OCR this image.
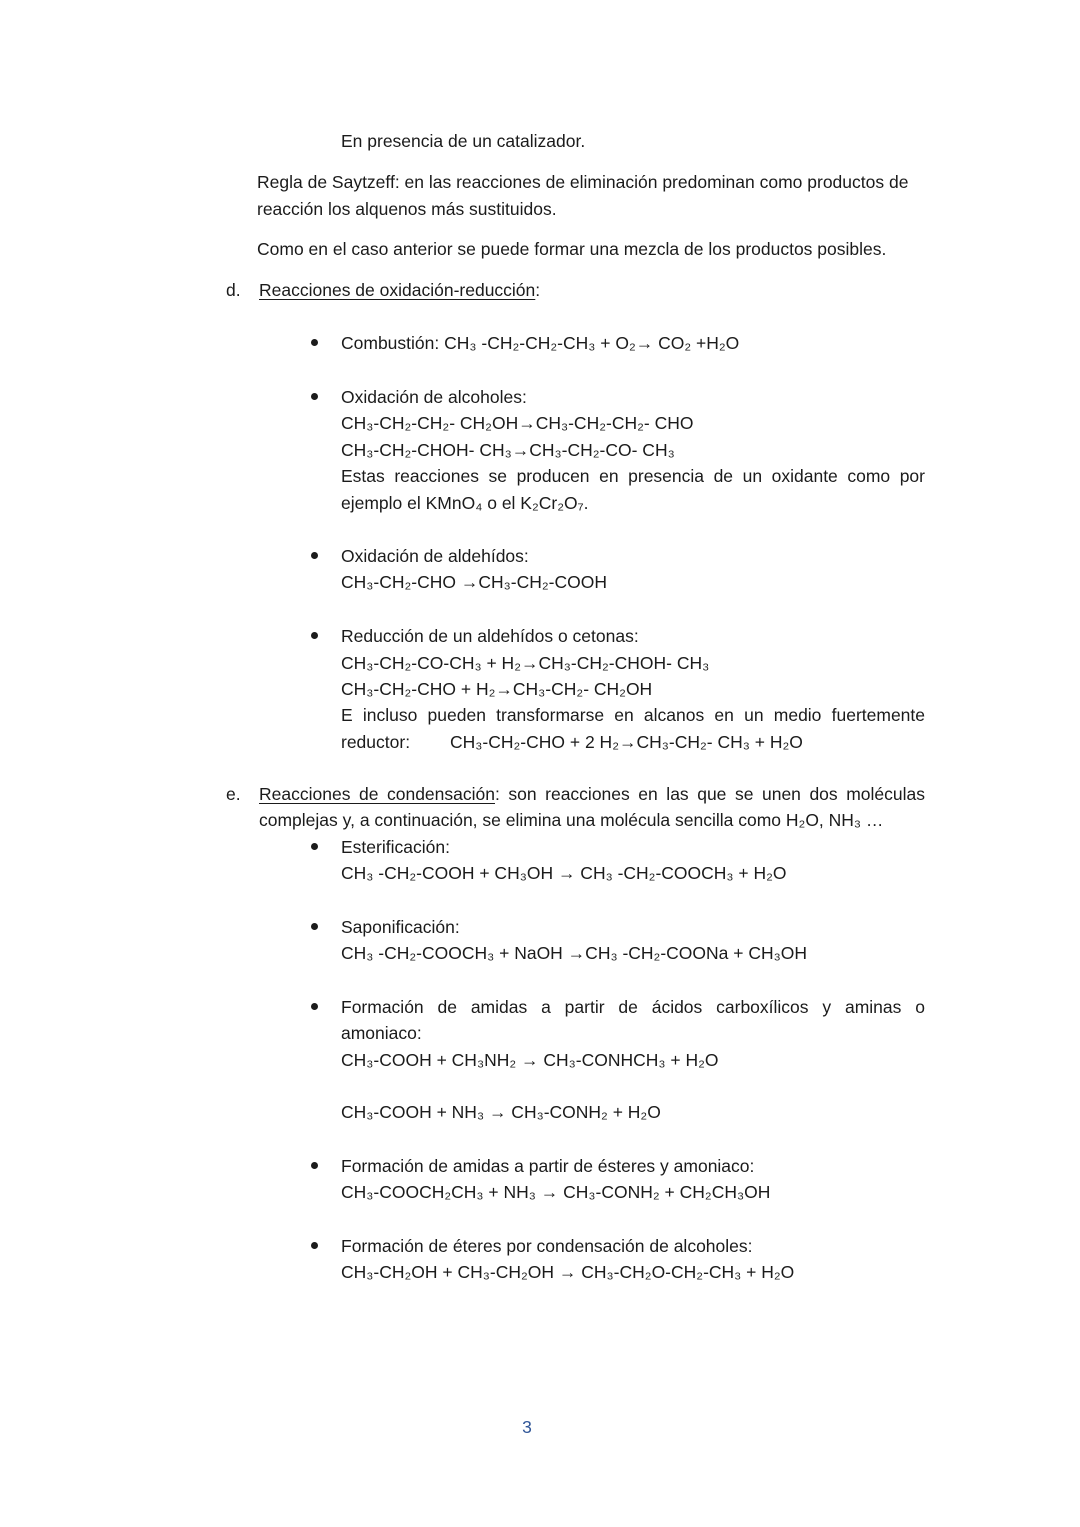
En presencia de un catalizador.
Regla de Saytzeff: en las reacciones de eliminación predominan como productos de
reacción los alquenos más sustituidos.
Como en el caso anterior se puede formar una mezcla de los productos posibles.
d. Reacciones de oxidación-reducción:
Combustión: CH₃ -CH₂-CH₂-CH₃ + O₂→ CO₂ +H₂O
Oxidación de alcoholes:
CH₃-CH₂-CH₂- CH₂OH→CH₃-CH₂-CH₂- CHO
CH₃-CH₂-CHOH- CH₃→CH₃-CH₂-CO- CH₃
Estas reacciones se producen en presencia de un oxidante como por
ejemplo el KMnO₄ o el K₂Cr₂O₇.
Oxidación de aldehídos:
CH₃-CH₂-CHO →CH₃-CH₂-COOH
Reducción de un aldehídos o cetonas:
CH₃-CH₂-CO-CH₃ + H₂→CH₃-CH₂-CHOH- CH₃
CH₃-CH₂-CHO + H₂→CH₃-CH₂- CH₂OH
E incluso pueden transformarse en alcanos en un medio fuertemente
reductor: CH₃-CH₂-CHO + 2 H₂→CH₃-CH₂- CH₃ + H₂O
e. Reacciones de condensación: son reacciones en las que se unen dos moléculas
complejas y, a continuación, se elimina una molécula sencilla como H₂O, NH₃ …
Esterificación:
CH₃ -CH₂-COOH + CH₃OH → CH₃ -CH₂-COOCH₃ + H₂O
Saponificación:
CH₃ -CH₂-COOCH₃ + NaOH →CH₃ -CH₂-COONa + CH₃OH
Formación de amidas a partir de ácidos carboxílicos y aminas o
amoniaco:
CH₃-COOH + CH₃NH₂ → CH₃-CONHCH₃ + H₂O
CH₃-COOH + NH₃ → CH₃-CONH₂ + H₂O
Formación de amidas a partir de ésteres y amoniaco:
CH₃-COOCH₂CH₃ + NH₃ → CH₃-CONH₂ + CH₂CH₃OH
Formación de éteres por condensación de alcoholes:
CH₃-CH₂OH + CH₃-CH₂OH → CH₃-CH₂O-CH₂-CH₃ + H₂O
3
